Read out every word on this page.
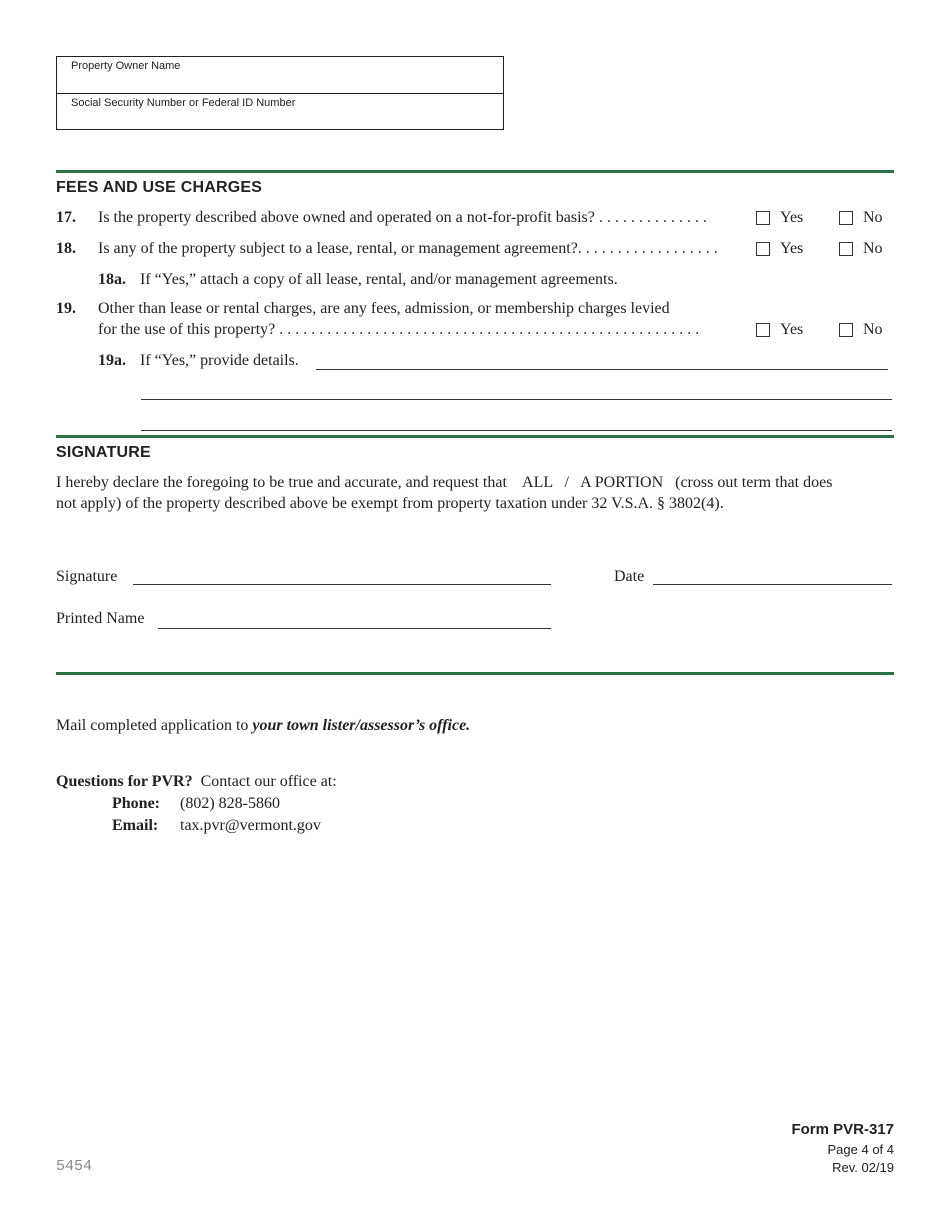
Property Owner Name
Social Security Number or Federal ID Number
FEES AND USE CHARGES
17. Is the property described above owned and operated on a not-for-profit basis? . . . . . . . . . . . . . .	Yes	No
18. Is any of the property subject to a lease, rental, or management agreement?. . . . . . . . . . . . . . . . . .	Yes	No
18a. If “Yes,” attach a copy of all lease, rental, and/or management agreements.
19. Other than lease or rental charges, are any fees, admission, or membership charges levied
for the use of this property? . . . . . . . . . . . . . . . . . . . . . . . . . . . . . . . . . . . . . . . . . . . . . . . . . . . . .	Yes	No
19a. If “Yes,” provide details.
SIGNATURE
I hereby declare the foregoing to be true and accurate, and request that    ALL   /   A PORTION   (cross out term that does
not apply) of the property described above be exempt from property taxation under 32 V.S.A. § 3802(4).
Signature	Date
Printed Name
Mail completed application to your town lister/assessor’s office.
Questions for PVR?  Contact our office at:
Phone: (802) 828-5860
Email: tax.pvr@vermont.gov
Form PVR-317
Page 4 of 4
Rev. 02/19
5454
